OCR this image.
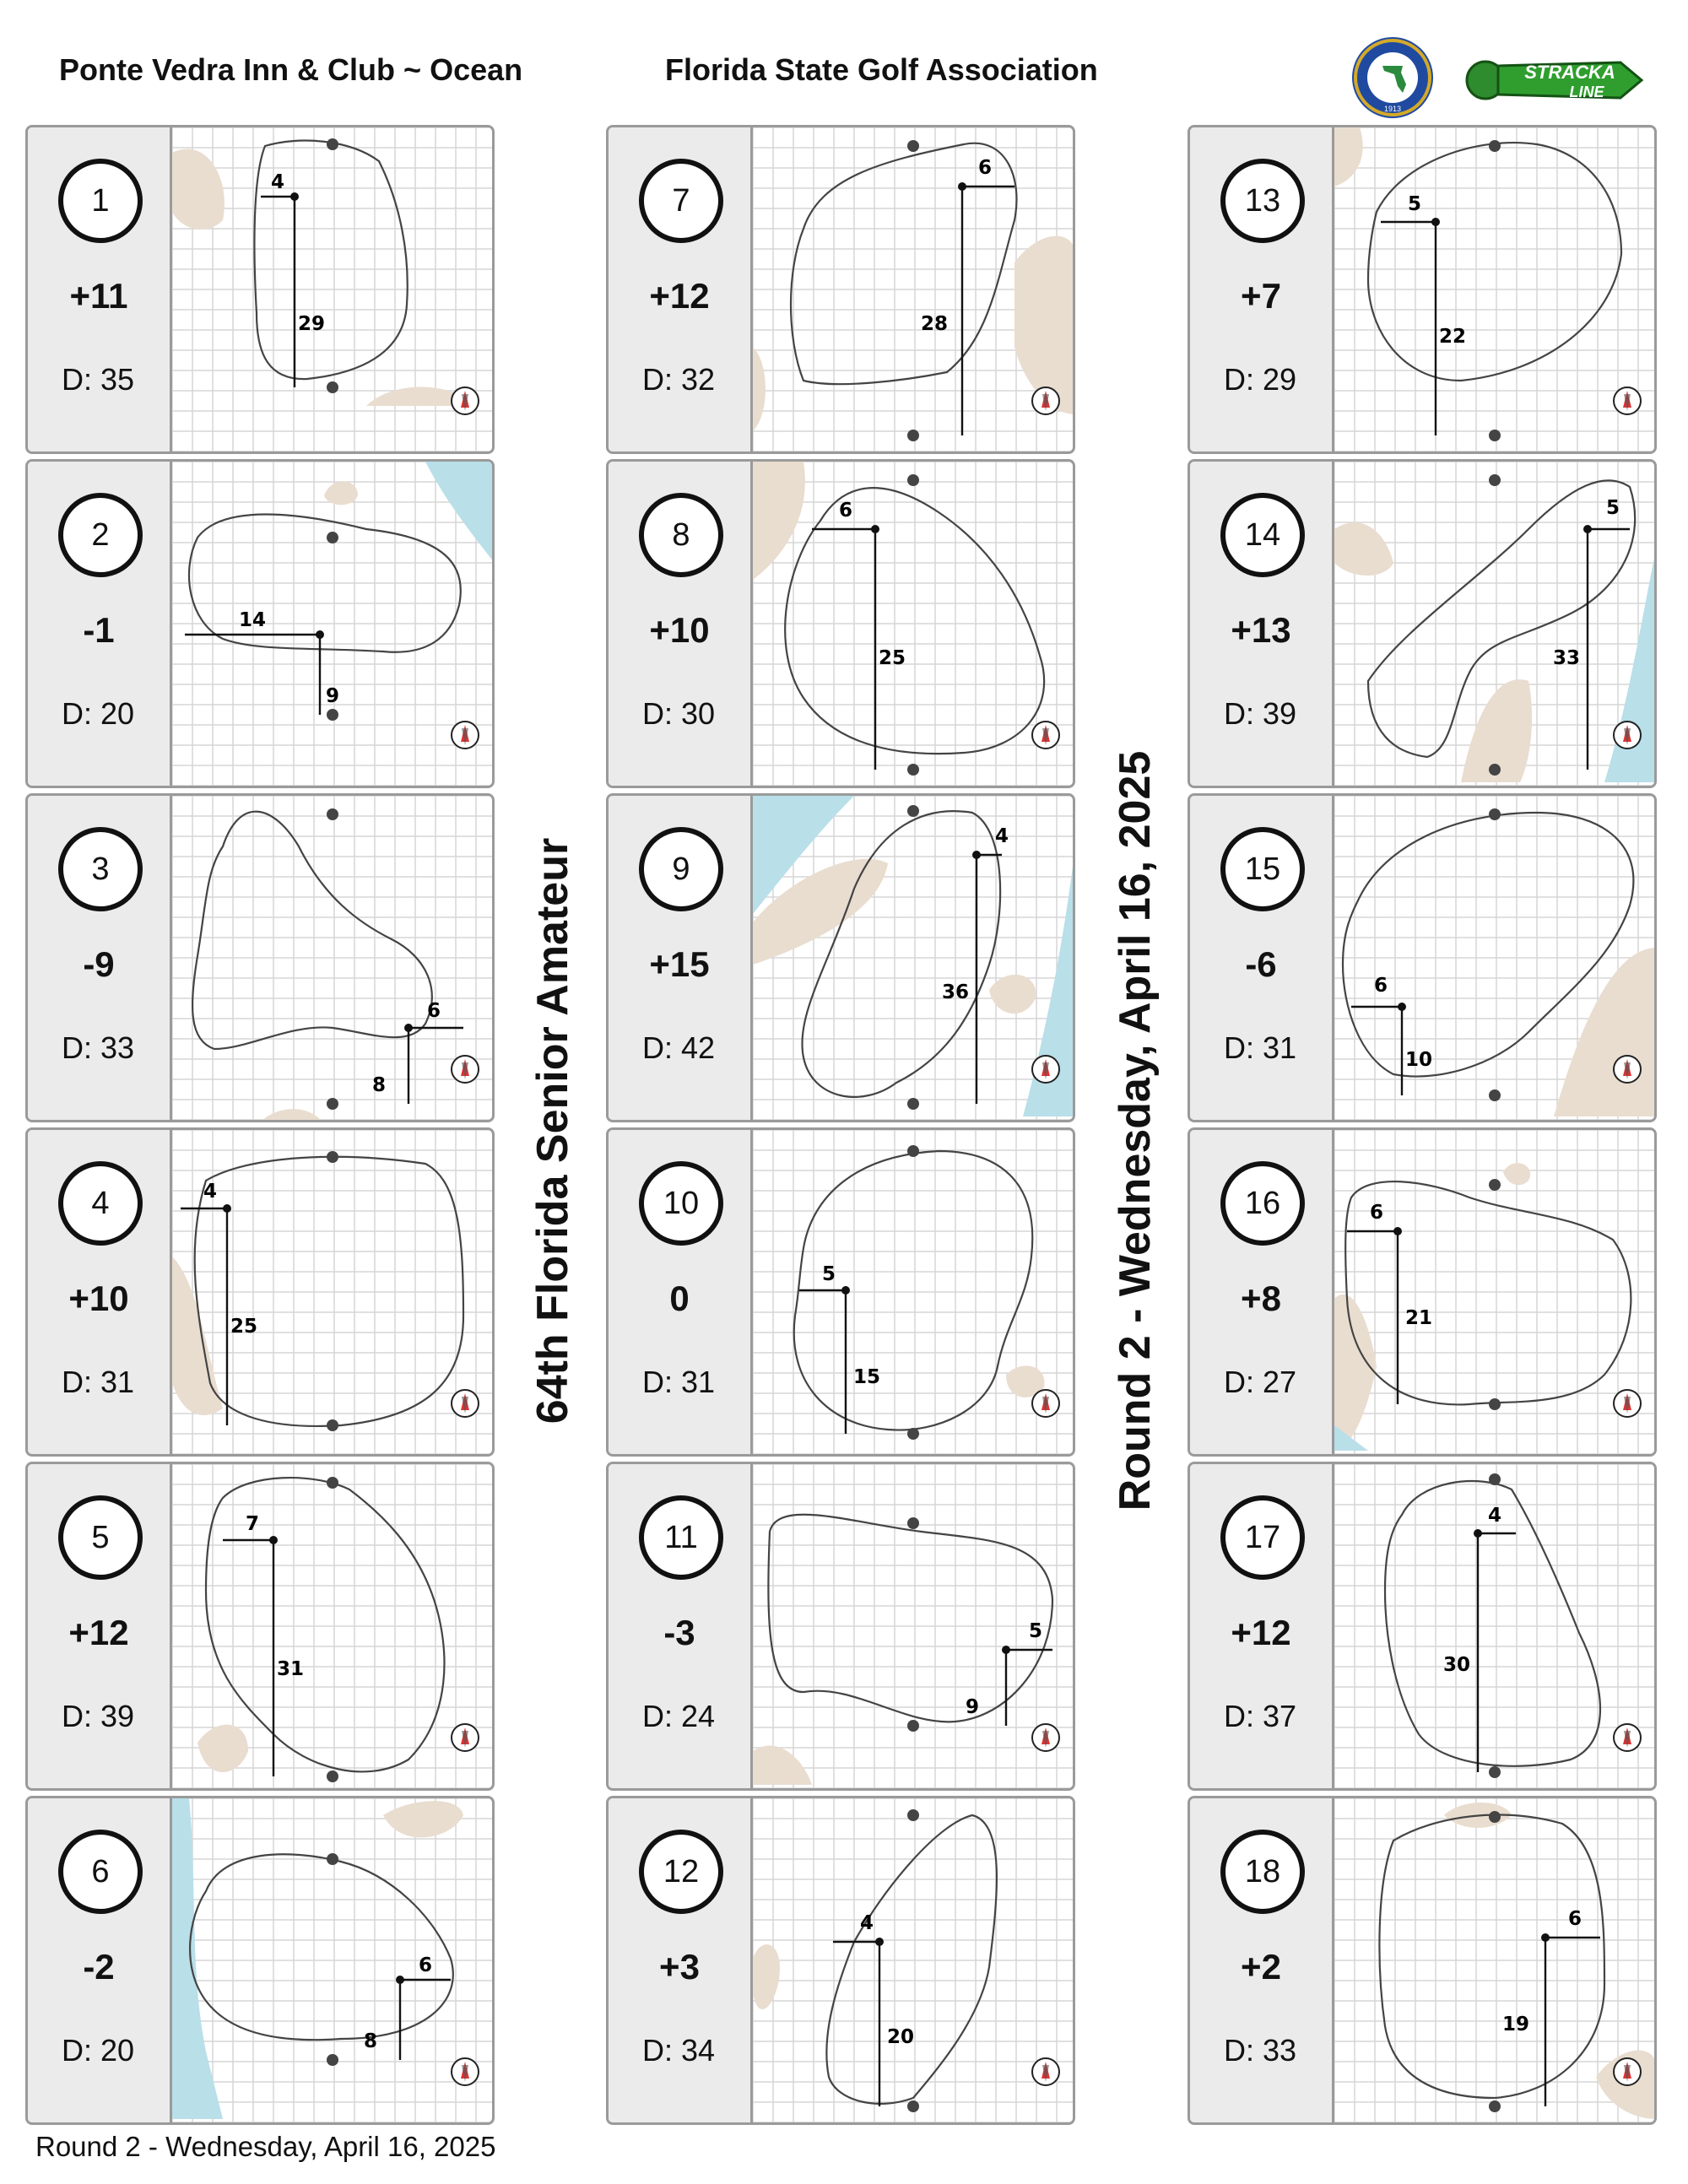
Ponte Vedra Inn & Club ~ Ocean	Florida State Golf Association
1913
STRACKA
LINE
1
+11
D: 35
4
29
2
-1
D: 20
14
9
3
-9
D: 33
6
8
4
+10
D: 31
4
25
5
+12
D: 39
7
31
6
-2
D: 20
6
8
7
+12
D: 32
6
28
8
+10
D: 30
6
25
9
+15
D: 42
4
36
10
0
D: 31
5
15
11
-3
D: 24
5
9
12
+3
D: 34
4
20
13
+7
D: 29
5
22
14
+13
D: 39
5
33
15
-6
D: 31
6
10
16
+8
D: 27
6
21
17
+12
D: 37
4
30
18
+2
D: 33
6
19
64th Florida Senior Amateur	Round 2 - Wednesday, April 16, 2025
Round 2 - Wednesday, April 16, 2025
